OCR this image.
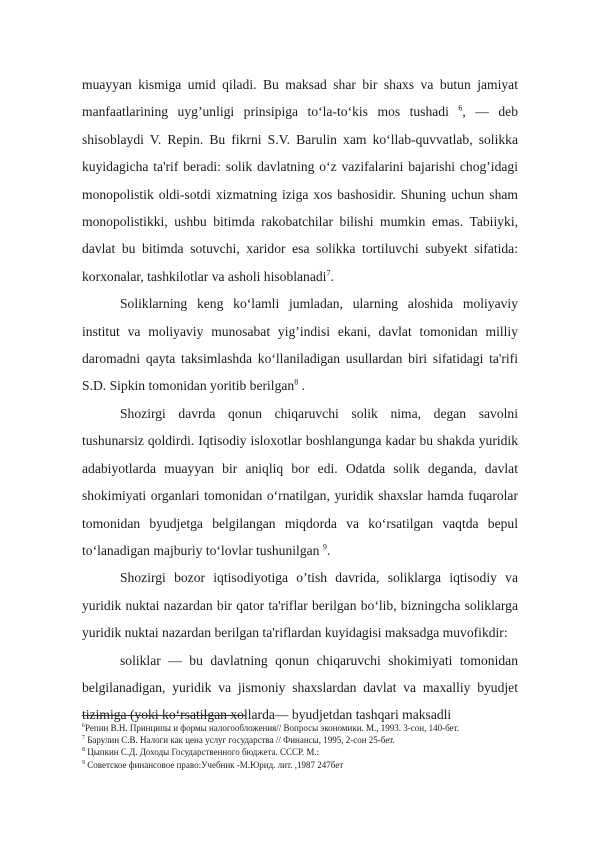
muayyan kismiga umid qiladi. Bu maksad shar bir shaxs va butun jamiyat manfaatlarining uyg’unligi prinsipiga to‘la-to‘kis mos tushadi $^6$, — deb shisoblaydi V. Repin. Bu fikrni S.V. Barulin xam ko‘llab-quvvatlab, solikka kuyidagicha ta'rif beradi: solik davlatning o‘z vazifalarini bajarishi chog’idagi monopolistik oldi-sotdi xizmatning iziga xos bashosidir. Shuning uchun sham monopolistikki, ushbu bitimda rakobatchilar bilishi mumkin emas. Tabiiyki, davlat bu bitimda sotuvchi, xaridor esa solikka tortiluvchi subyekt sifatida: korxonalar, tashkilotlar va asholi hisoblanadi$^7$.

Soliklarning keng ko‘lamli jumladan, ularning aloshida moliyaviy institut va moliyaviy munosabat yig’indisi ekani, davlat tomonidan milliy daromadni qayta taksimlashda ko‘llaniladigan usullardan biri sifatidagi ta'rifi S.D. Sipkin tomonidan yoritib berilgan$^8$ .

Shozirgi davrda qonun chiqaruvchi solik nima, degan savolni tushunarsiz qoldirdi. Iqtisodiy isloxotlar boshlangunga kadar bu shakda yuridik adabiyotlarda muayyan bir aniqliq bor edi. Odatda solik deganda, davlat shokimiyati organlari tomonidan o‘rnatilgan, yuridik shaxslar hamda fuqarolar tomonidan byudjetga belgilangan miqdorda va ko‘rsatilgan vaqtda bepul to‘lanadigan majburiy to‘lovlar tushunilgan $^9$.

Shozirgi bozor iqtisodiyotiga o’tish davrida, soliklarga iqtisodiy va yuridik nuktai nazardan bir qator ta'riflar berilgan bo‘lib, bizningcha soliklarga yuridik nuktai nazardan berilgan ta'riflardan kuyidagisi maksadga muvofikdir:

soliklar — bu davlatning qonun chiqaruvchi shokimiyati tomonidan belgilanadigan, yuridik va jismoniy shaxslardan davlat va maxalliy byudjet tizimiga (yoki ko‘rsatilgan xollarda— byudjetdan tashqari maksadli

$^6$Репин В.Н. Принципы и формы налогообложения// Вопросы экономики. М., 1993. 3-сон, 140-бет.
$^7$ Барулин С.В. Налоги как цена услуг государства // Финансы, 1995, 2-сон 25-бет.
$^8$ Цыпкин С.Д. Доходы Государственного бюджета. СССР. М.:
$^9$ Советское финансовое право:Учебник -М.Юрид. лит. ,1987 247бет
